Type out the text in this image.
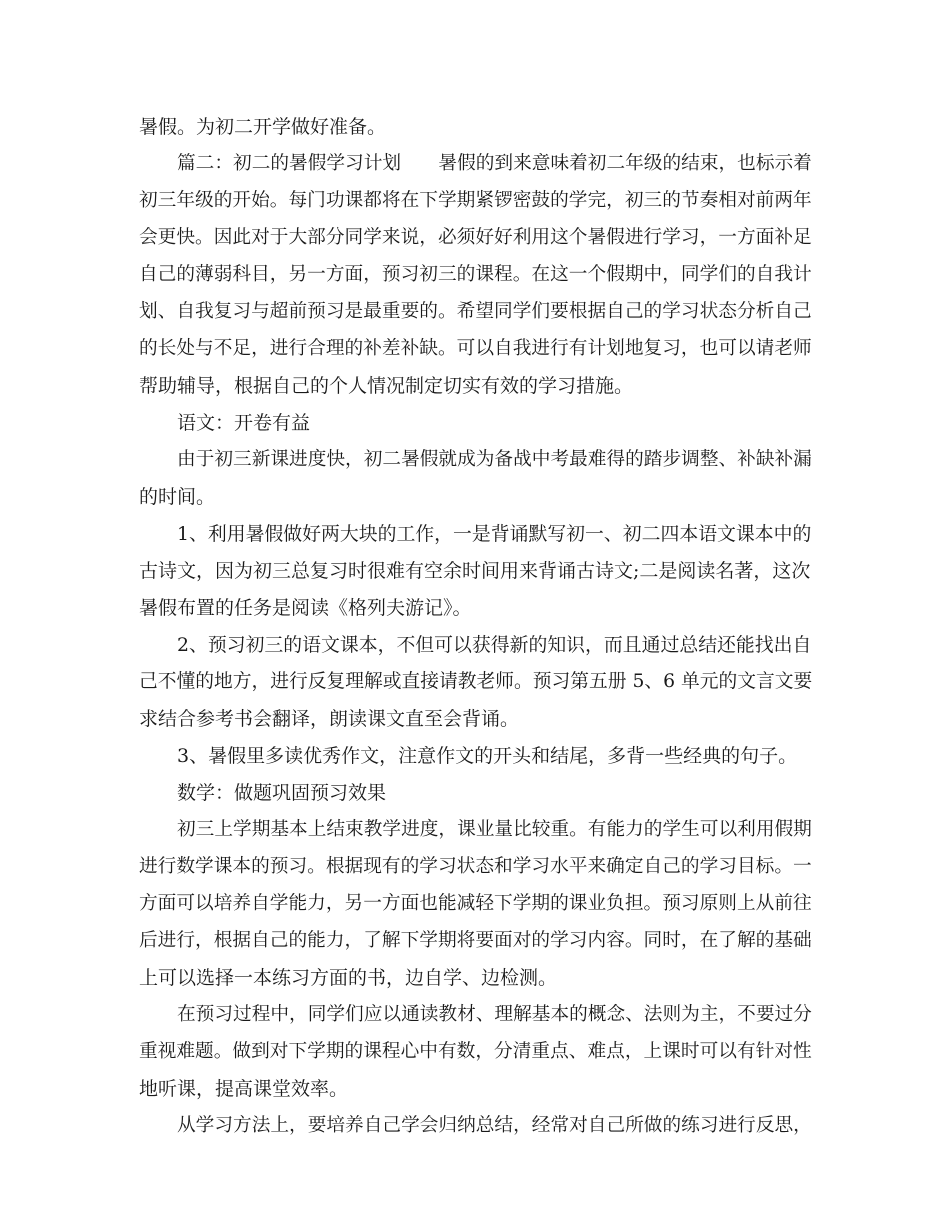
暑假。为初二开学做好准备。
篇二：初二的暑假学习计划　　暑假的到来意味着初二年级的结束，也标示着
初三年级的开始。每门功课都将在下学期紧锣密鼓的学完，初三的节奏相对前两年
会更快。因此对于大部分同学来说，必须好好利用这个暑假进行学习，一方面补足
自己的薄弱科目，另一方面，预习初三的课程。在这一个假期中，同学们的自我计
划、自我复习与超前预习是最重要的。希望同学们要根据自己的学习状态分析自己
的长处与不足，进行合理的补差补缺。可以自我进行有计划地复习，也可以请老师
帮助辅导，根据自己的个人情况制定切实有效的学习措施。
语文：开卷有益
由于初三新课进度快，初二暑假就成为备战中考最难得的踏步调整、补缺补漏
的时间。
1、利用暑假做好两大块的工作，一是背诵默写初一、初二四本语文课本中的
古诗文，因为初三总复习时很难有空余时间用来背诵古诗文;二是阅读名著，这次
暑假布置的任务是阅读《格列夫游记》。
2、预习初三的语文课本，不但可以获得新的知识，而且通过总结还能找出自
己不懂的地方，进行反复理解或直接请教老师。预习第五册 5、6 单元的文言文要
求结合参考书会翻译，朗读课文直至会背诵。
3、暑假里多读优秀作文，注意作文的开头和结尾，多背一些经典的句子。
数学：做题巩固预习效果
初三上学期基本上结束教学进度，课业量比较重。有能力的学生可以利用假期
进行数学课本的预习。根据现有的学习状态和学习水平来确定自己的学习目标。一
方面可以培养自学能力，另一方面也能减轻下学期的课业负担。预习原则上从前往
后进行，根据自己的能力，了解下学期将要面对的学习内容。同时，在了解的基础
上可以选择一本练习方面的书，边自学、边检测。
在预习过程中，同学们应以通读教材、理解基本的概念、法则为主，不要过分
重视难题。做到对下学期的课程心中有数，分清重点、难点，上课时可以有针对性
地听课，提高课堂效率。
从学习方法上，要培养自己学会归纳总结，经常对自己所做的练习进行反思，
